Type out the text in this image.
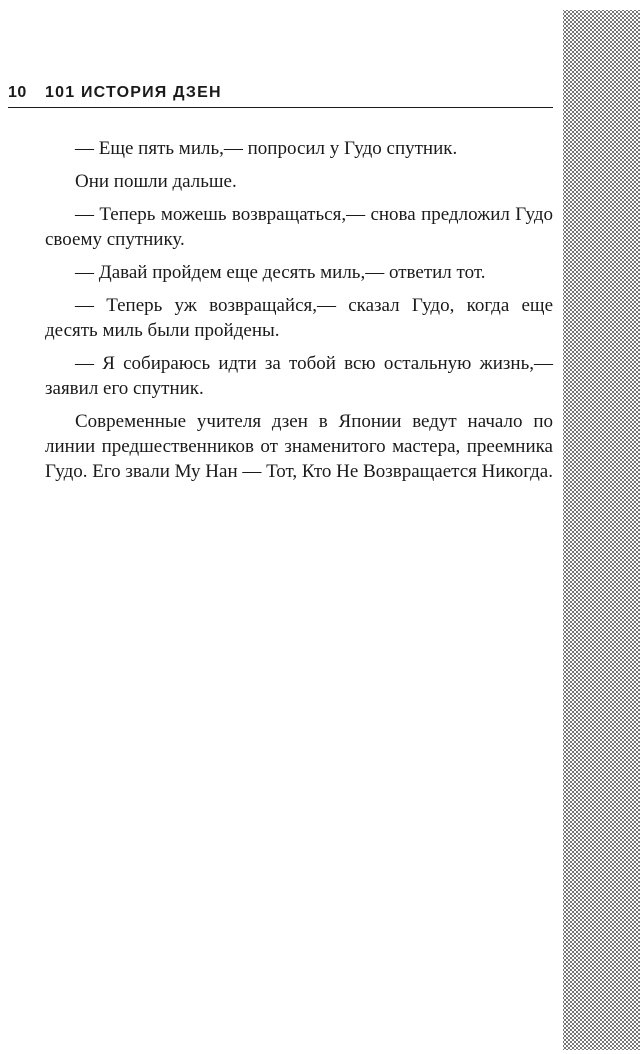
10 101 ИСТОРИЯ ДЗЕН

— Еще пять миль,— попросил у Гудо спутник.

Они пошли дальше.

— Теперь можешь возвращаться,— снова предложил Гудо своему спутнику.

— Давай пройдем еще десять миль,— ответил тот.

— Теперь уж возвращайся,— сказал Гудо, когда еще десять миль были пройдены.

— Я собираюсь идти за тобой всю остальную жизнь,— заявил его спутник.

Современные учителя дзен в Японии ведут начало по линии предшественников от знаменитого мастера, преемника Гудо. Его звали Му Нан — Тот, Кто Не Возвращается Никогда.
